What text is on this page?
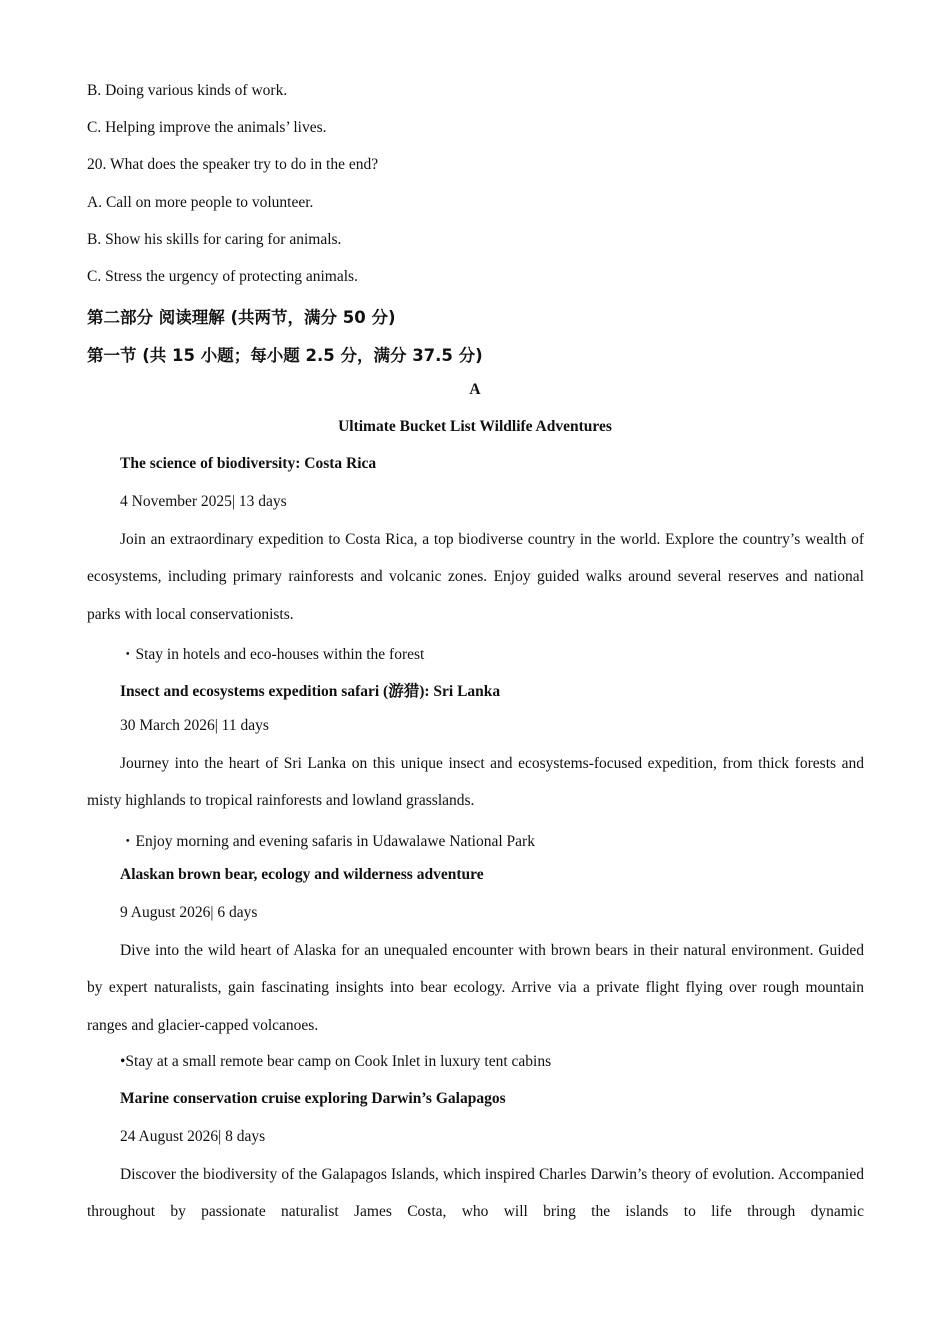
B. Doing various kinds of work.
C. Helping improve the animals’ lives.
20. What does the speaker try to do in the end?
A. Call on more people to volunteer.
B. Show his skills for caring for animals.
C. Stress the urgency of protecting animals.
第二部分 阅读理解 (共两节，满分 50 分)
第一节 (共 15 小题；每小题 2.5 分，满分 37.5 分)
A
Ultimate Bucket List Wildlife Adventures
The science of biodiversity: Costa Rica
4 November 2025| 13 days
Join an extraordinary expedition to Costa Rica, a top biodiverse country in the world. Explore the country’s wealth of ecosystems, including primary rainforests and volcanic zones. Enjoy guided walks around several reserves and national parks with local conservationists.
・Stay in hotels and eco-houses within the forest
Insect and ecosystems expedition safari (游猎): Sri Lanka
30 March 2026| 11 days
Journey into the heart of Sri Lanka on this unique insect and ecosystems-focused expedition, from thick forests and misty highlands to tropical rainforests and lowland grasslands.
・Enjoy morning and evening safaris in Udawalawe National Park
Alaskan brown bear, ecology and wilderness adventure
9 August 2026| 6 days
Dive into the wild heart of Alaska for an unequaled encounter with brown bears in their natural environment. Guided by expert naturalists, gain fascinating insights into bear ecology. Arrive via a private flight flying over rough mountain ranges and glacier-capped volcanoes.
•Stay at a small remote bear camp on Cook Inlet in luxury tent cabins
Marine conservation cruise exploring Darwin’s Galapagos
24 August 2026| 8 days
Discover the biodiversity of the Galapagos Islands, which inspired Charles Darwin’s theory of evolution. Accompanied throughout by passionate naturalist James Costa, who will bring the islands to life through dynamic
